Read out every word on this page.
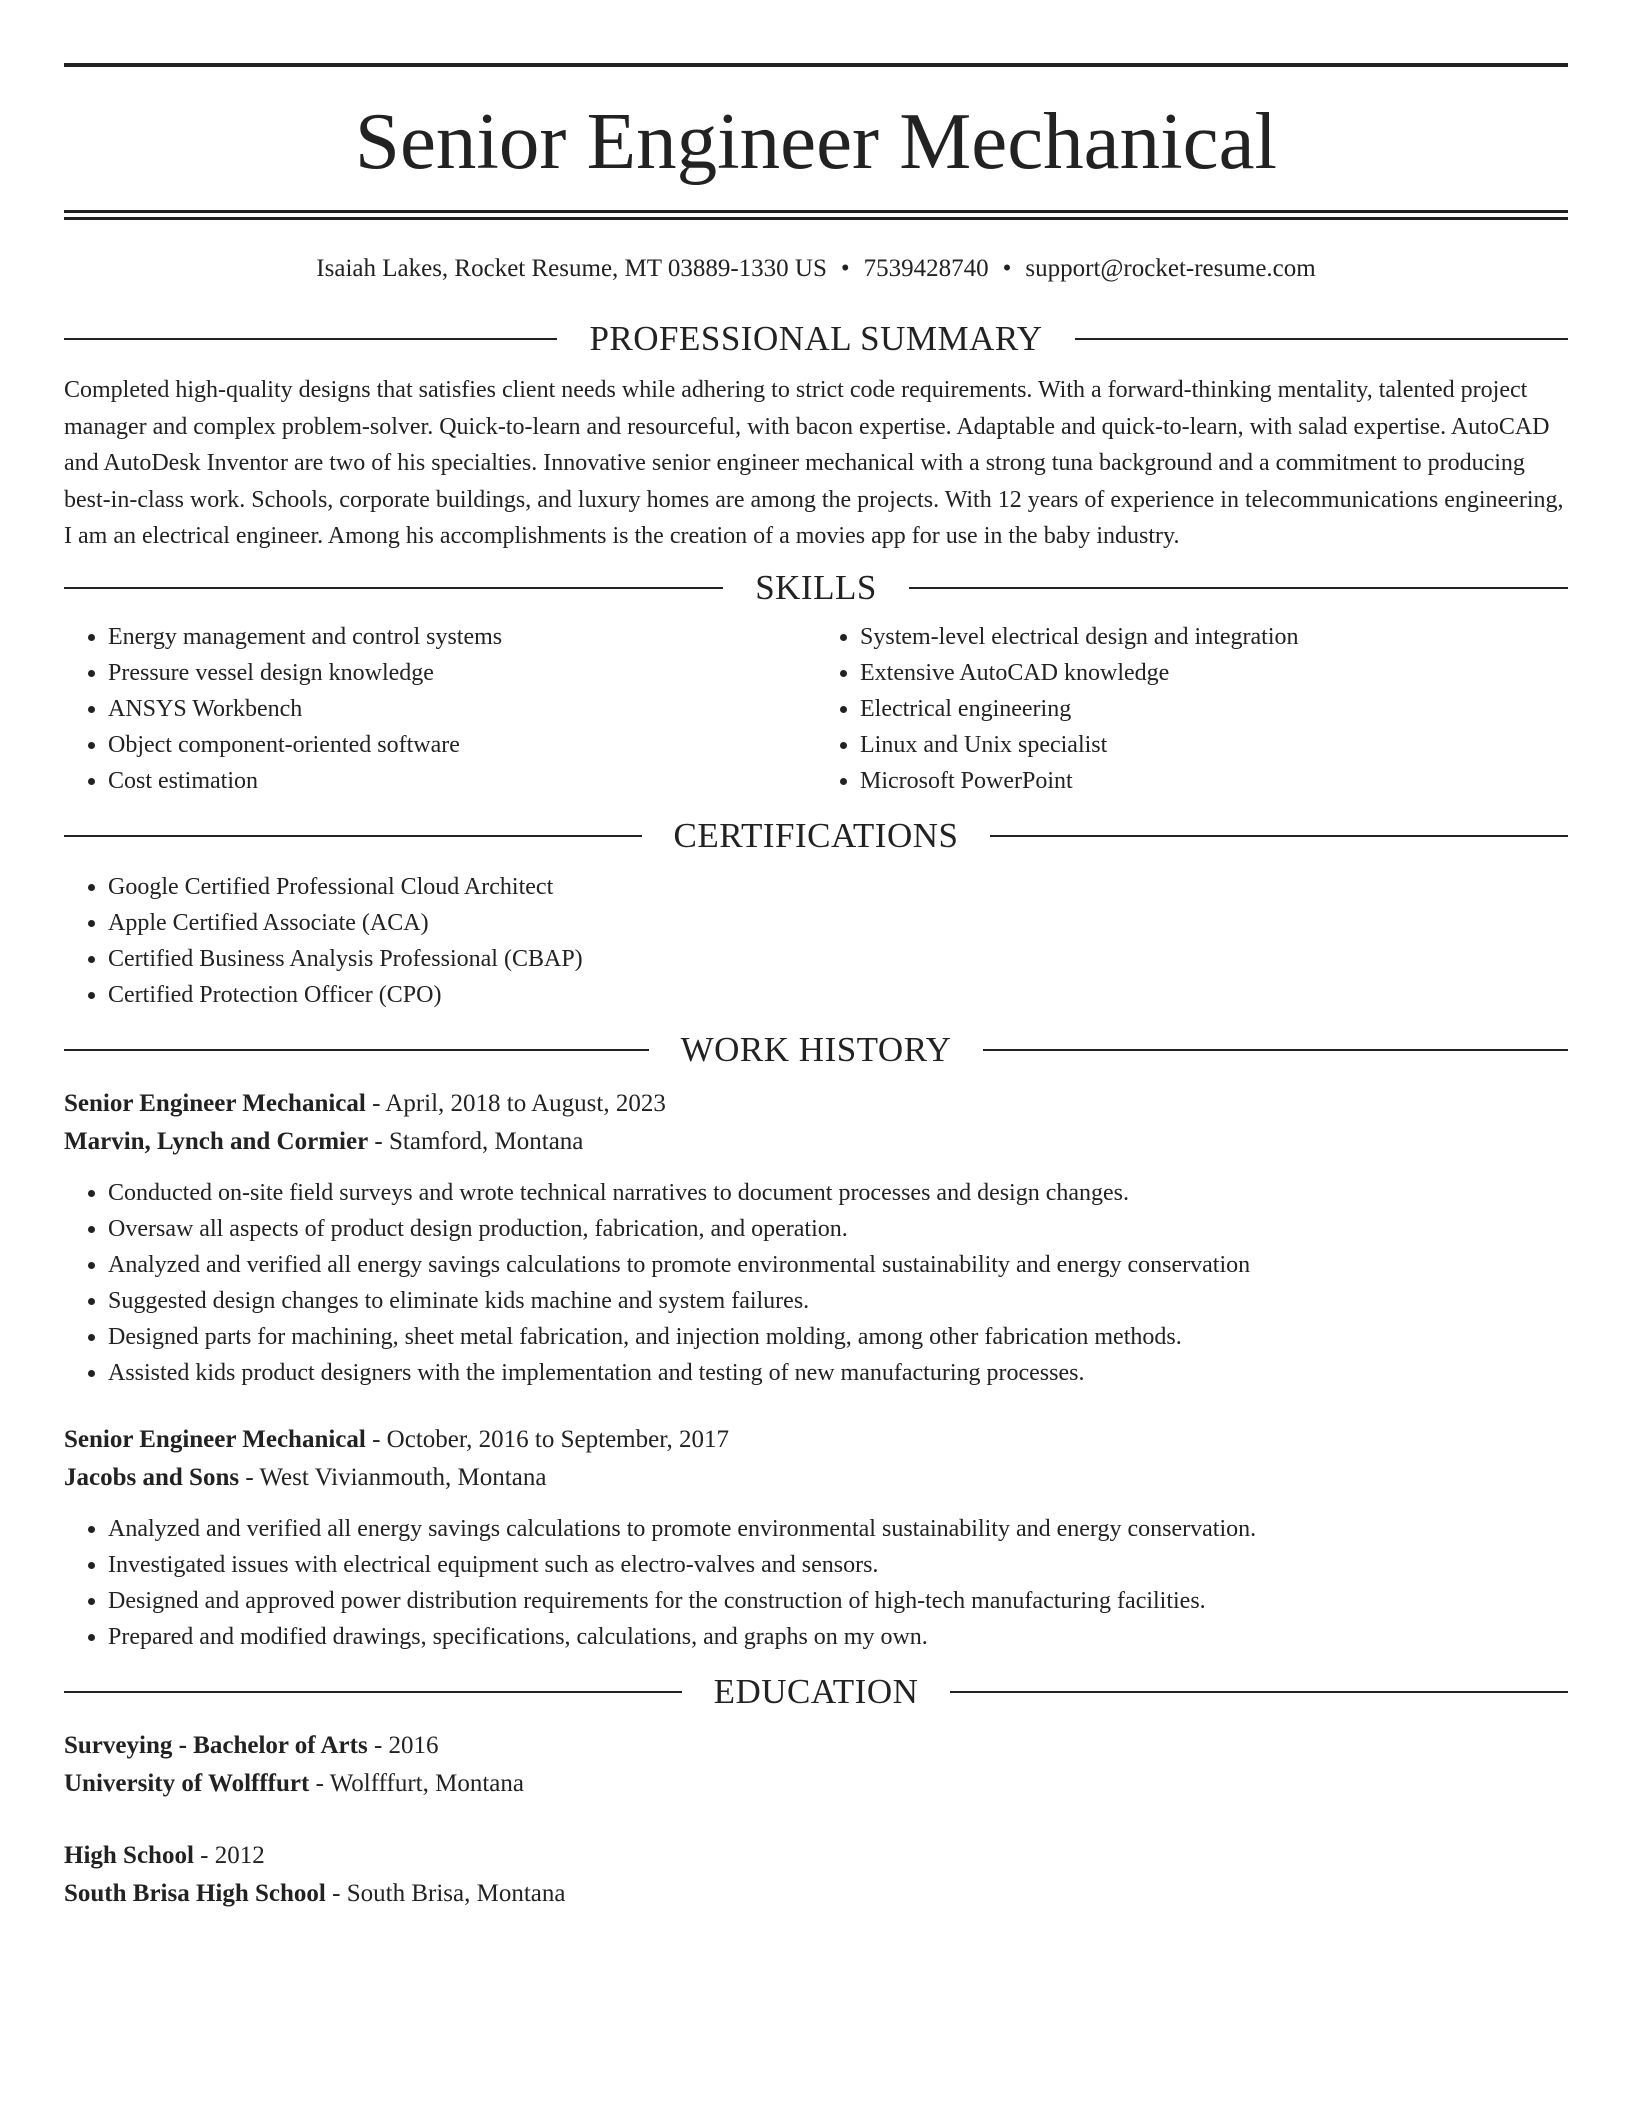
Senior Engineer Mechanical
Isaiah Lakes, Rocket Resume, MT 03889-1330 US • 7539428740 • support@rocket-resume.com
PROFESSIONAL SUMMARY
Completed high-quality designs that satisfies client needs while adhering to strict code requirements. With a forward-thinking mentality, talented project manager and complex problem-solver. Quick-to-learn and resourceful, with bacon expertise. Adaptable and quick-to-learn, with salad expertise. AutoCAD and AutoDesk Inventor are two of his specialties. Innovative senior engineer mechanical with a strong tuna background and a commitment to producing best-in-class work. Schools, corporate buildings, and luxury homes are among the projects. With 12 years of experience in telecommunications engineering, I am an electrical engineer. Among his accomplishments is the creation of a movies app for use in the baby industry.
SKILLS
• Energy management and control systems
• Pressure vessel design knowledge
• ANSYS Workbench
• Object component-oriented software
• Cost estimation
• System-level electrical design and integration
• Extensive AutoCAD knowledge
• Electrical engineering
• Linux and Unix specialist
• Microsoft PowerPoint
CERTIFICATIONS
• Google Certified Professional Cloud Architect
• Apple Certified Associate (ACA)
• Certified Business Analysis Professional (CBAP)
• Certified Protection Officer (CPO)
WORK HISTORY
Senior Engineer Mechanical - April, 2018 to August, 2023
Marvin, Lynch and Cormier - Stamford, Montana
• Conducted on-site field surveys and wrote technical narratives to document processes and design changes.
• Oversaw all aspects of product design production, fabrication, and operation.
• Analyzed and verified all energy savings calculations to promote environmental sustainability and energy conservation
• Suggested design changes to eliminate kids machine and system failures.
• Designed parts for machining, sheet metal fabrication, and injection molding, among other fabrication methods.
• Assisted kids product designers with the implementation and testing of new manufacturing processes.
Senior Engineer Mechanical - October, 2016 to September, 2017
Jacobs and Sons - West Vivianmouth, Montana
• Analyzed and verified all energy savings calculations to promote environmental sustainability and energy conservation.
• Investigated issues with electrical equipment such as electro-valves and sensors.
• Designed and approved power distribution requirements for the construction of high-tech manufacturing facilities.
• Prepared and modified drawings, specifications, calculations, and graphs on my own.
EDUCATION
Surveying - Bachelor of Arts - 2016
University of Wolfffurt - Wolfffurt, Montana
High School - 2012
South Brisa High School - South Brisa, Montana
